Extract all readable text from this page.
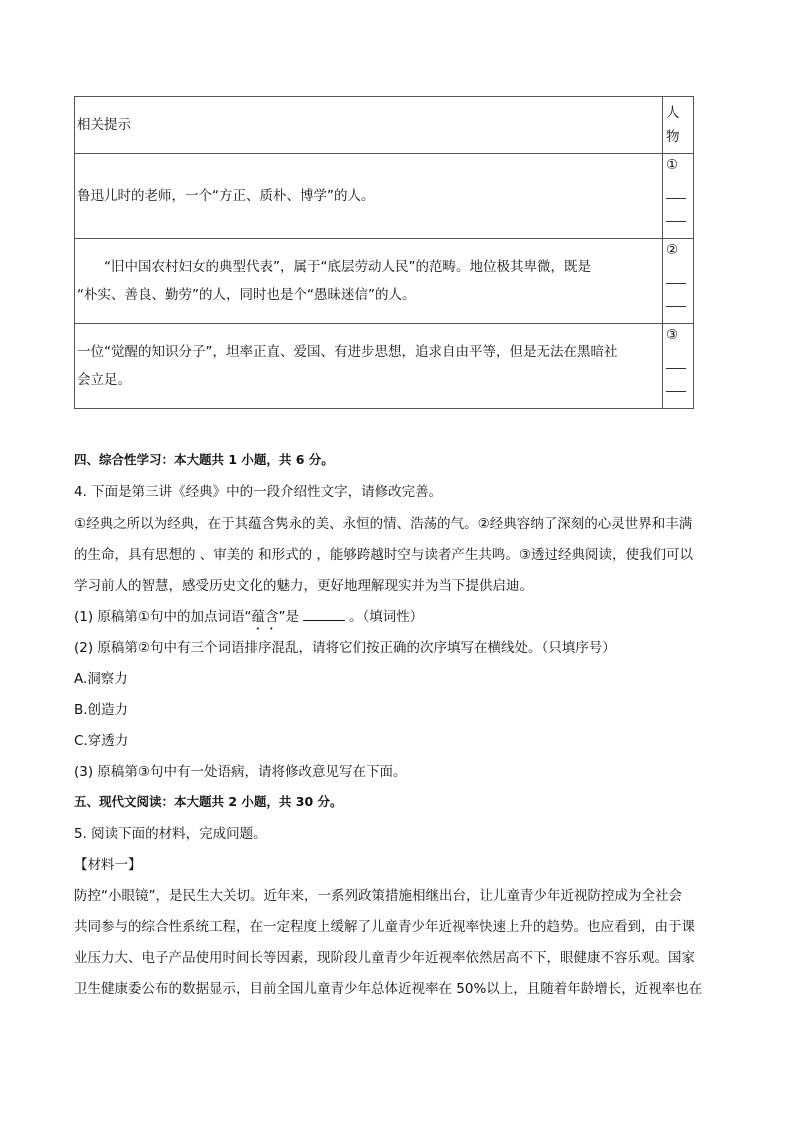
相关提示	人物

鲁迅儿时的老师，一个“方正、质朴、博学”的人。	①

　　“旧中国农村妇女的典型代表”，属于“底层劳动人民”的范畴。地位极其卑微，既是
“朴实、善良、勤劳”的人，同时也是个“愚昧迷信”的人。	②

一位“觉醒的知识分子”，坦率正直、爱国、有进步思想，追求自由平等，但是无法在黑暗社
会立足。	③
四、综合性学习：本大题共 1 小题，共 6 分。
4. 下面是第三讲《经典》中的一段介绍性文字，请修改完善。
①经典之所以为经典，在于其蕴含隽永的美、永恒的情、浩荡的气。②经典容纳了深刻的心灵世界和丰满
的生命，具有思想的 、审美的 和形式的 ，能够跨越时空与读者产生共鸣。③透过经典阅读，使我们可以
学习前人的智慧，感受历史文化的魅力，更好地理解现实并为当下提供启迪。
(1) 原稿第①句中的加点词语“蕴含”是	。（填词性）
(2) 原稿第②句中有三个词语排序混乱，请将它们按正确的次序填写在横线处。（只填序号）
A.洞察力
B.创造力
C.穿透力
(3) 原稿第③句中有一处语病，请将修改意见写在下面。
五、现代文阅读：本大题共 2 小题，共 30 分。
5. 阅读下面的材料，完成问题。
【材料一】
防控“小眼镜”，是民生大关切。近年来，一系列政策措施相继出台，让儿童青少年近视防控成为全社会
共同参与的综合性系统工程，在一定程度上缓解了儿童青少年近视率快速上升的趋势。也应看到，由于课
业压力大、电子产品使用时间长等因素，现阶段儿童青少年近视率依然居高不下，眼健康不容乐观。国家
卫生健康委公布的数据显示，目前全国儿童青少年总体近视率在 50%以上，且随着年龄增长，近视率也在
